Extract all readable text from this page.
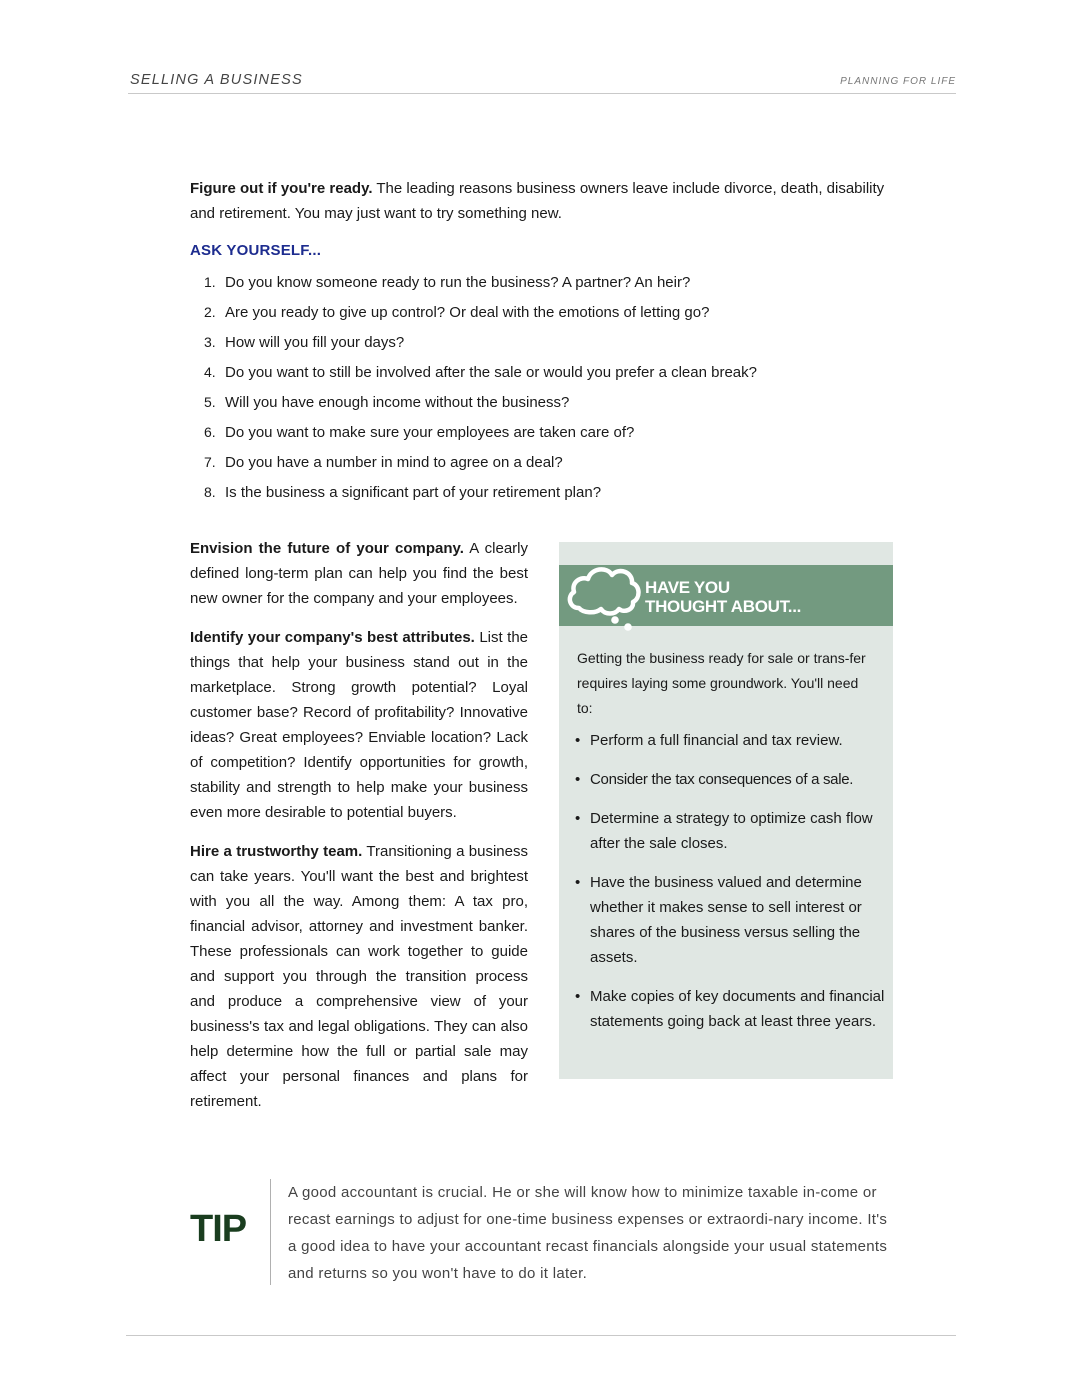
SELLING A BUSINESS	PLANNING FOR LIFE

Figure out if you're ready. The leading reasons business owners leave include divorce, death, disability and retirement. You may just want to try something new.

ASK YOURSELF...
1. Do you know someone ready to run the business? A partner? An heir?
2. Are you ready to give up control? Or deal with the emotions of letting go?
3. How will you fill your days?
4. Do you want to still be involved after the sale or would you prefer a clean break?
5. Will you have enough income without the business?
6. Do you want to make sure your employees are taken care of?
7. Do you have a number in mind to agree on a deal?
8. Is the business a significant part of your retirement plan?

Envision the future of your company. A clearly defined long-term plan can help you find the best new owner for the company and your employees.

Identify your company's best attributes. List the things that help your business stand out in the marketplace. Strong growth potential? Loyal customer base? Record of profitability? Innovative ideas? Great employees? Enviable location? Lack of competition? Identify opportunities for growth, stability and strength to help make your business even more desirable to potential buyers.

Hire a trustworthy team. Transitioning a business can take years. You'll want the best and brightest with you all the way. Among them: A tax pro, financial advisor, attorney and investment banker. These professionals can work together to guide and support you through the transition process and produce a comprehensive view of your business's tax and legal obligations. They can also help determine how the full or partial sale may affect your personal finances and plans for retirement.

HAVE YOU
THOUGHT ABOUT...

Getting the business ready for sale or trans-fer requires laying some groundwork. You'll need to:

• Perform a full financial and tax review.
• Consider the tax consequences of a sale.
• Determine a strategy to optimize cash flow after the sale closes.
• Have the business valued and determine whether it makes sense to sell interest or shares of the business versus selling the assets.
• Make copies of key documents and financial statements going back at least three years.
TIP

A good accountant is crucial. He or she will know how to minimize taxable in-come or recast earnings to adjust for one-time business expenses or extraordi-nary income. It's a good idea to have your accountant recast financials alongside your usual statements and returns so you won't have to do it later.
